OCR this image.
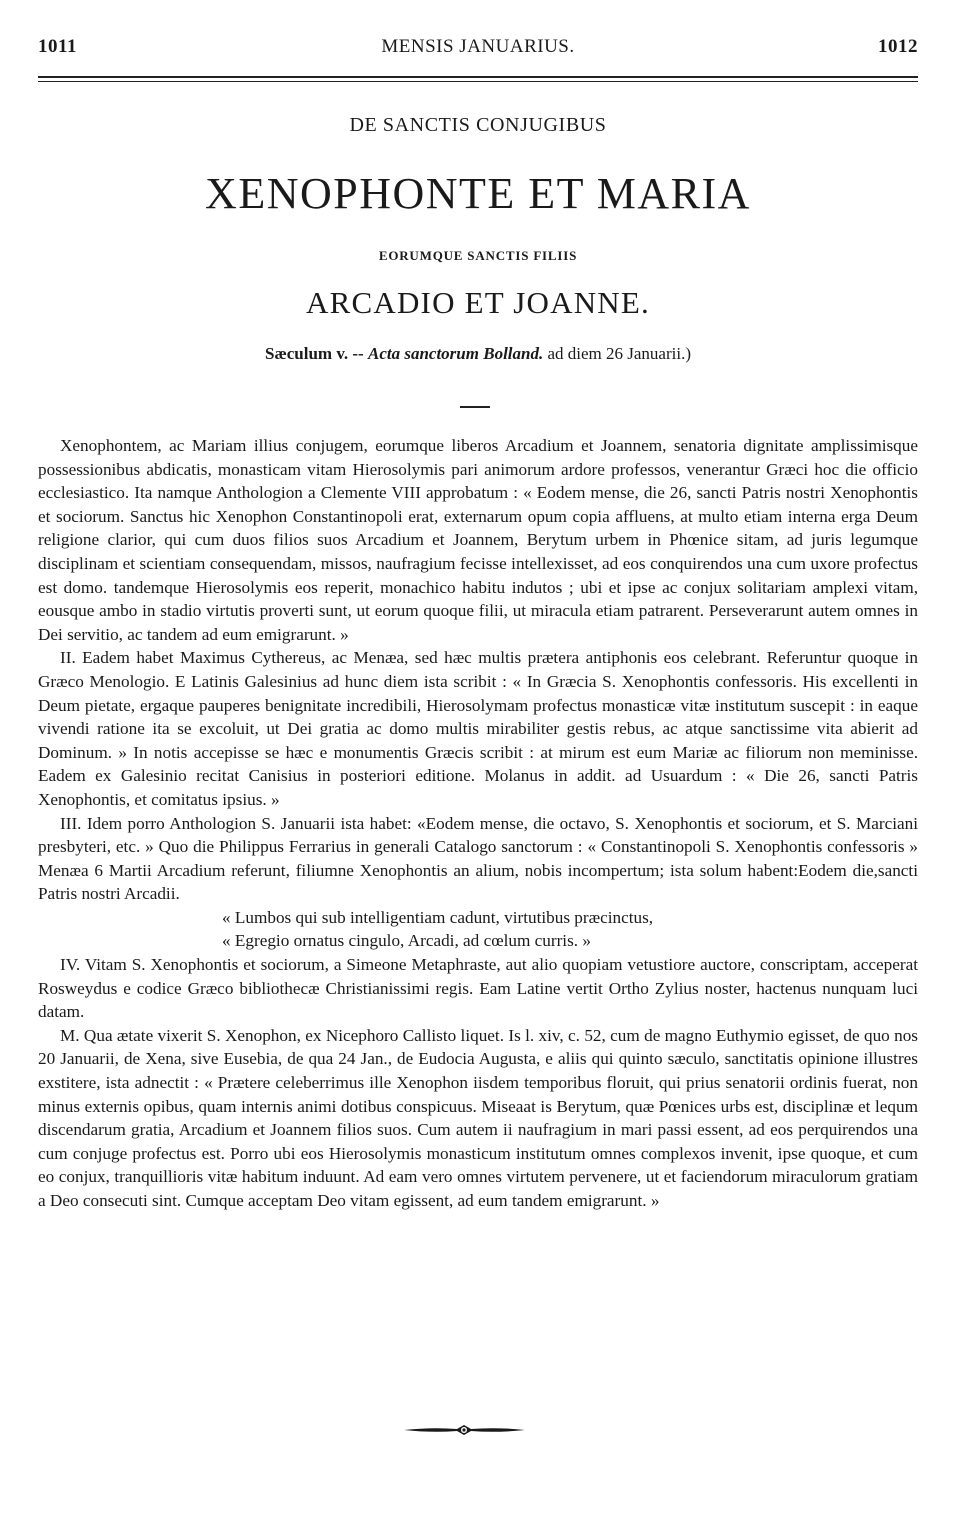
1011	MENSIS JANUARIUS.	1012
DE SANCTIS CONJUGIBUS
XENOPHONTE ET MARIA
EORUMQUE SANCTIS FILIIS
ARCADIO ET JOANNE.
Sæculum v. -- Acta sanctorum Bolland. ad diem 26 Januarii.)

Xenophontem, ac Mariam illius conjugem, eorumque liberos Arcadium et Joannem, senatoria dignitate amplissimisque possessionibus abdicatis, monasticam vitam Hierosolymis pari animorum ardore professos, venerantur Græci hoc die officio ecclesiastico. Ita namque Anthologion a Clemente VIII approbatum : « Eodem mense, die 26, sancti Patris nostri Xenophontis et sociorum. Sanctus hic Xenophon Constantinopoli erat, externarum opum copia affluens, at multo etiam interna erga Deum religione clarior, qui cum duos filios suos Arcadium et Joannem, Berytum urbem in Phœnice sitam, ad juris legumque disciplinam et scientiam consequendam, missos, naufragium fecisse intellexisset, ad eos conquirendos una cum uxore profectus est domo. tandemque Hierosolymis eos reperit, monachico habitu indutos ; ubi et ipse ac conjux solitariam amplexi vitam, eousque ambo in stadio virtutis proverti sunt, ut eorum quoque filii, ut miracula etiam patrarent. Perseverarunt autem omnes in Dei servitio, ac tandem ad eum emigrarunt. »

II. Eadem habet Maximus Cythereus, ac Menæa, sed hæc multis prætera antiphonis eos celebrant. Referuntur quoque in Græco Menologio. E Latinis Galesinius ad hunc diem ista scribit : « In Græcia S. Xenophontis confessoris. His excellenti in Deum pietate, ergaque pauperes benignitate incredibili, Hierosolymam profectus monasticæ vitæ institutum suscepit : in eaque vivendi ratione ita se excoluit, ut Dei gratia ac domo multis mirabiliter gestis rebus, ac atque sanctissime vita abierit ad Dominum. » In notis accepisse se hæc e monumentis Græcis scribit : at mirum est eum Mariæ ac filiorum non meminisse. Eadem ex Galesinio recitat Canisius in posteriori editione. Molanus in addit. ad Usuardum : « Die 26, sancti Patris Xenophontis, et comitatus ipsius. »

III. Idem porro Anthologion S. Januarii ista habet: «Eodem mense, die octavo, S. Xenophontis et sociorum, et S. Marciani presbyteri, etc. » Quo die Philippus Ferrarius in generali Catalogo sanctorum : « Constantinopoli S. Xenophontis confessoris » Menæa 6 Martii Arcadium referunt, filiumne Xenophontis an alium, nobis incompertum; ista solum habent:Eodem die,sancti Patris nostri Arcadii.

« Lumbos qui sub intelligentiam cadunt, virtutibus præcinctus,

« Egregio ornatus cingulo, Arcadi, ad cœlum curris. »

IV. Vitam S. Xenophontis et sociorum, a Simeone Metaphraste, aut alio quopiam vetustiore auctore, conscriptam, acceperat Rosweydus e codice Græco bibliothecæ Christianissimi regis. Eam Latine vertit Ortho Zylius noster, hactenus nunquam luci datam.

M. Qua ætate vixerit S. Xenophon, ex Nicephoro Callisto liquet. Is l. xiv, c. 52, cum de magno Euthymio egisset, de quo nos 20 Januarii, de Xena, sive Eusebia, de qua 24 Jan., de Eudocia Augusta, e aliis qui quinto sæculo, sanctitatis opinione illustres exstitere, ista adnectit : « Prætere celeberrimus ille Xenophon iisdem temporibus floruit, qui prius senatorii ordinis fuerat, non minus externis opibus, quam internis animi dotibus conspicuus. Miseaat is Berytum, quæ Pœnices urbs est, disciplinæ et lequm discendarum gratia, Arcadium et Joannem filios suos. Cum autem ii naufragium in mari passi essent, ad eos perquirendos una cum conjuge profectus est. Porro ubi eos Hierosolymis monasticum institutum omnes complexos invenit, ipse quoque, et cum eo conjux, tranquillioris vitæ habitum induunt. Ad eam vero omnes virtutem pervenere, ut et faciendorum miraculorum gratiam a Deo consecuti sint. Cumque acceptam Deo vitam egissent, ad eum tandem emigrarunt. »
